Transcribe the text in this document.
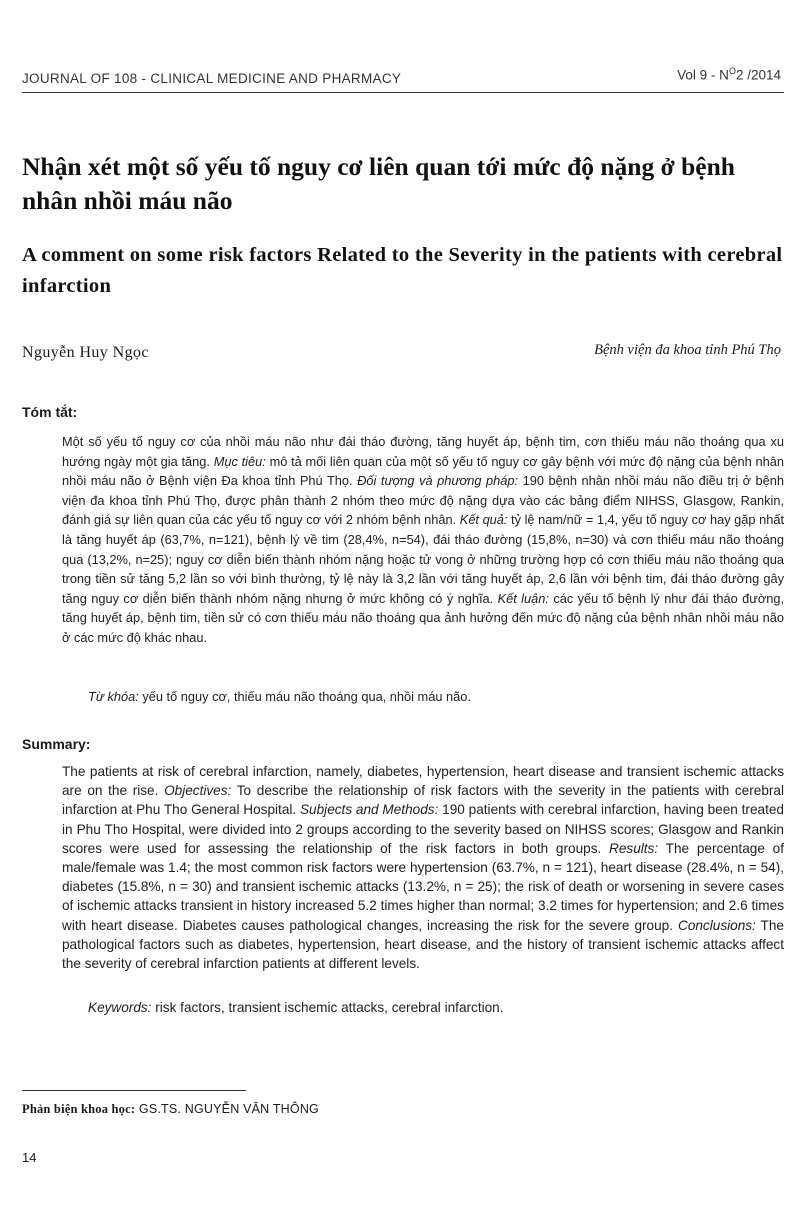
JOURNAL OF 108 - CLINICAL MEDICINE AND PHARMACY	Vol $9 - N^O2$ /2014
Nhận xét một số yếu tố nguy cơ liên quan tới mức độ nặng ở bệnh nhân nhồi máu não
A comment on some risk factors Related to the Severity in the patients with cerebral infarction
Nguyễn Huy Ngọc	Bệnh viện đa khoa tỉnh Phú Thọ
Tóm tắt:

Một số yếu tố nguy cơ của nhồi máu não như đái tháo đường, tăng huyết áp, bệnh tim, cơn thiếu máu não thoáng qua xu hướng ngày một gia tăng. Mục tiêu: mô tả mối liên quan của một số yếu tố nguy cơ gây bệnh với mức độ nặng của bệnh nhân nhồi máu não ở Bệnh viện Đa khoa tỉnh Phú Thọ. Đối tượng và phương pháp: 190 bệnh nhân nhồi máu não điều trị ở bệnh viện đa khoa tỉnh Phú Thọ, được phân thành 2 nhóm theo mức độ nặng dựa vào các bảng điểm NIHSS, Glasgow, Rankin, đánh giá sự liên quan của các yếu tố nguy cơ với 2 nhóm bệnh nhân. Kết quả: tỷ lệ nam/nữ = 1,4, yếu tố nguy cơ hay gặp nhất là tăng huyết áp (63,7%, n=121), bệnh lý về tim (28,4%, n=54), đái tháo đường (15,8%, n=30) và cơn thiếu máu não thoáng qua (13,2%, n=25); nguy cơ diễn biến thành nhóm nặng hoặc tử vong ở những trường hợp có cơn thiếu máu não thoáng qua trong tiền sử tăng 5,2 lần so với bình thường, tỷ lệ này là 3,2 lần với tăng huyết áp, 2,6 lần với bệnh tim, đái tháo đường gây tăng nguy cơ diễn biến thành nhóm nặng nhưng ở mức không có ý nghĩa. Kết luận: các yếu tố bệnh lý như đái tháo đường, tăng huyết áp, bệnh tim, tiền sử có cơn thiếu máu não thoáng qua ảnh hưởng đến mức độ nặng của bệnh nhân nhồi máu não ở các mức độ khác nhau.

Từ khóa: yếu tố nguy cơ, thiếu máu não thoáng qua, nhồi máu não.

Summary:

The patients at risk of cerebral infarction, namely, diabetes, hypertension, heart disease and transient ischemic attacks are on the rise. Objectives: To describe the relationship of risk factors with the severity in the patients with cerebral infarction at Phu Tho General Hospital. Subjects and Methods: 190 patients with cerebral infarction, having been treated in Phu Tho Hospital, were divided into 2 groups according to the severity based on NIHSS scores; Glasgow and Rankin scores were used for assessing the relationship of the risk factors in both groups. Results: The percentage of male/female was 1.4; the most common risk factors were hypertension (63.7%, n = 121), heart disease (28.4%, n = 54), diabetes (15.8%, n = 30) and transient ischemic attacks (13.2%, n = 25); the risk of death or worsening in severe cases of ischemic attacks transient in history increased 5.2 times higher than normal; 3.2 times for hypertension; and 2.6 times with heart disease. Diabetes causes pathological changes, increasing the risk for the severe group. Conclusions: The pathological factors such as diabetes, hypertension, heart disease, and the history of transient ischemic attacks affect the severity of cerebral infarction patients at different levels.

Keywords: risk factors, transient ischemic attacks, cerebral infarction.

Phản biện khoa học: GS.TS. NGUYỄN VĂN THÔNG
14
